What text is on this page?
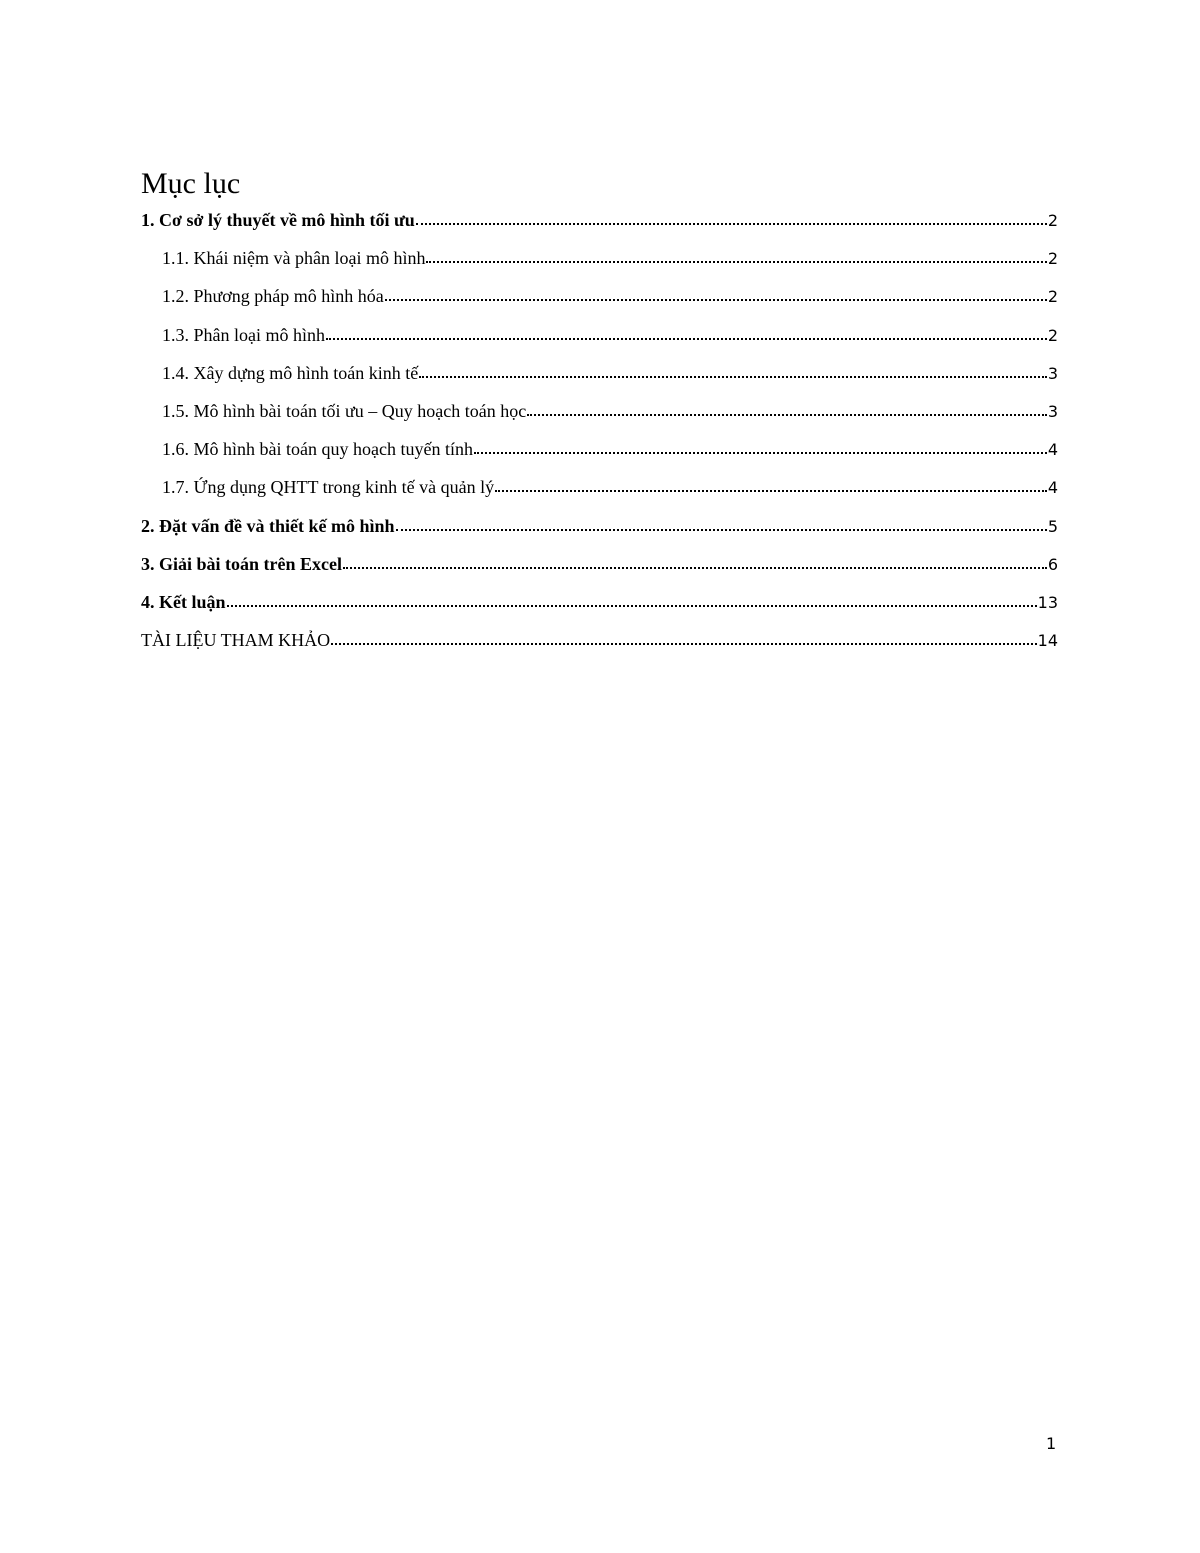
Mục lục
1. Cơ sở lý thuyết về mô hình tối ưu	2
1.1. Khái niệm và phân loại mô hình	2
1.2. Phương pháp mô hình hóa	2
1.3. Phân loại mô hình	2
1.4. Xây dựng mô hình toán kinh tế	3
1.5. Mô hình bài toán tối ưu – Quy hoạch toán học	3
1.6. Mô hình bài toán quy hoạch tuyến tính	4
1.7. Ứng dụng QHTT trong kinh tế và quản lý	4
2. Đặt vấn đề và thiết kế mô hình	5
3. Giải bài toán trên Excel	6
4. Kết luận	13
TÀI LIỆU THAM KHẢO	14
1
